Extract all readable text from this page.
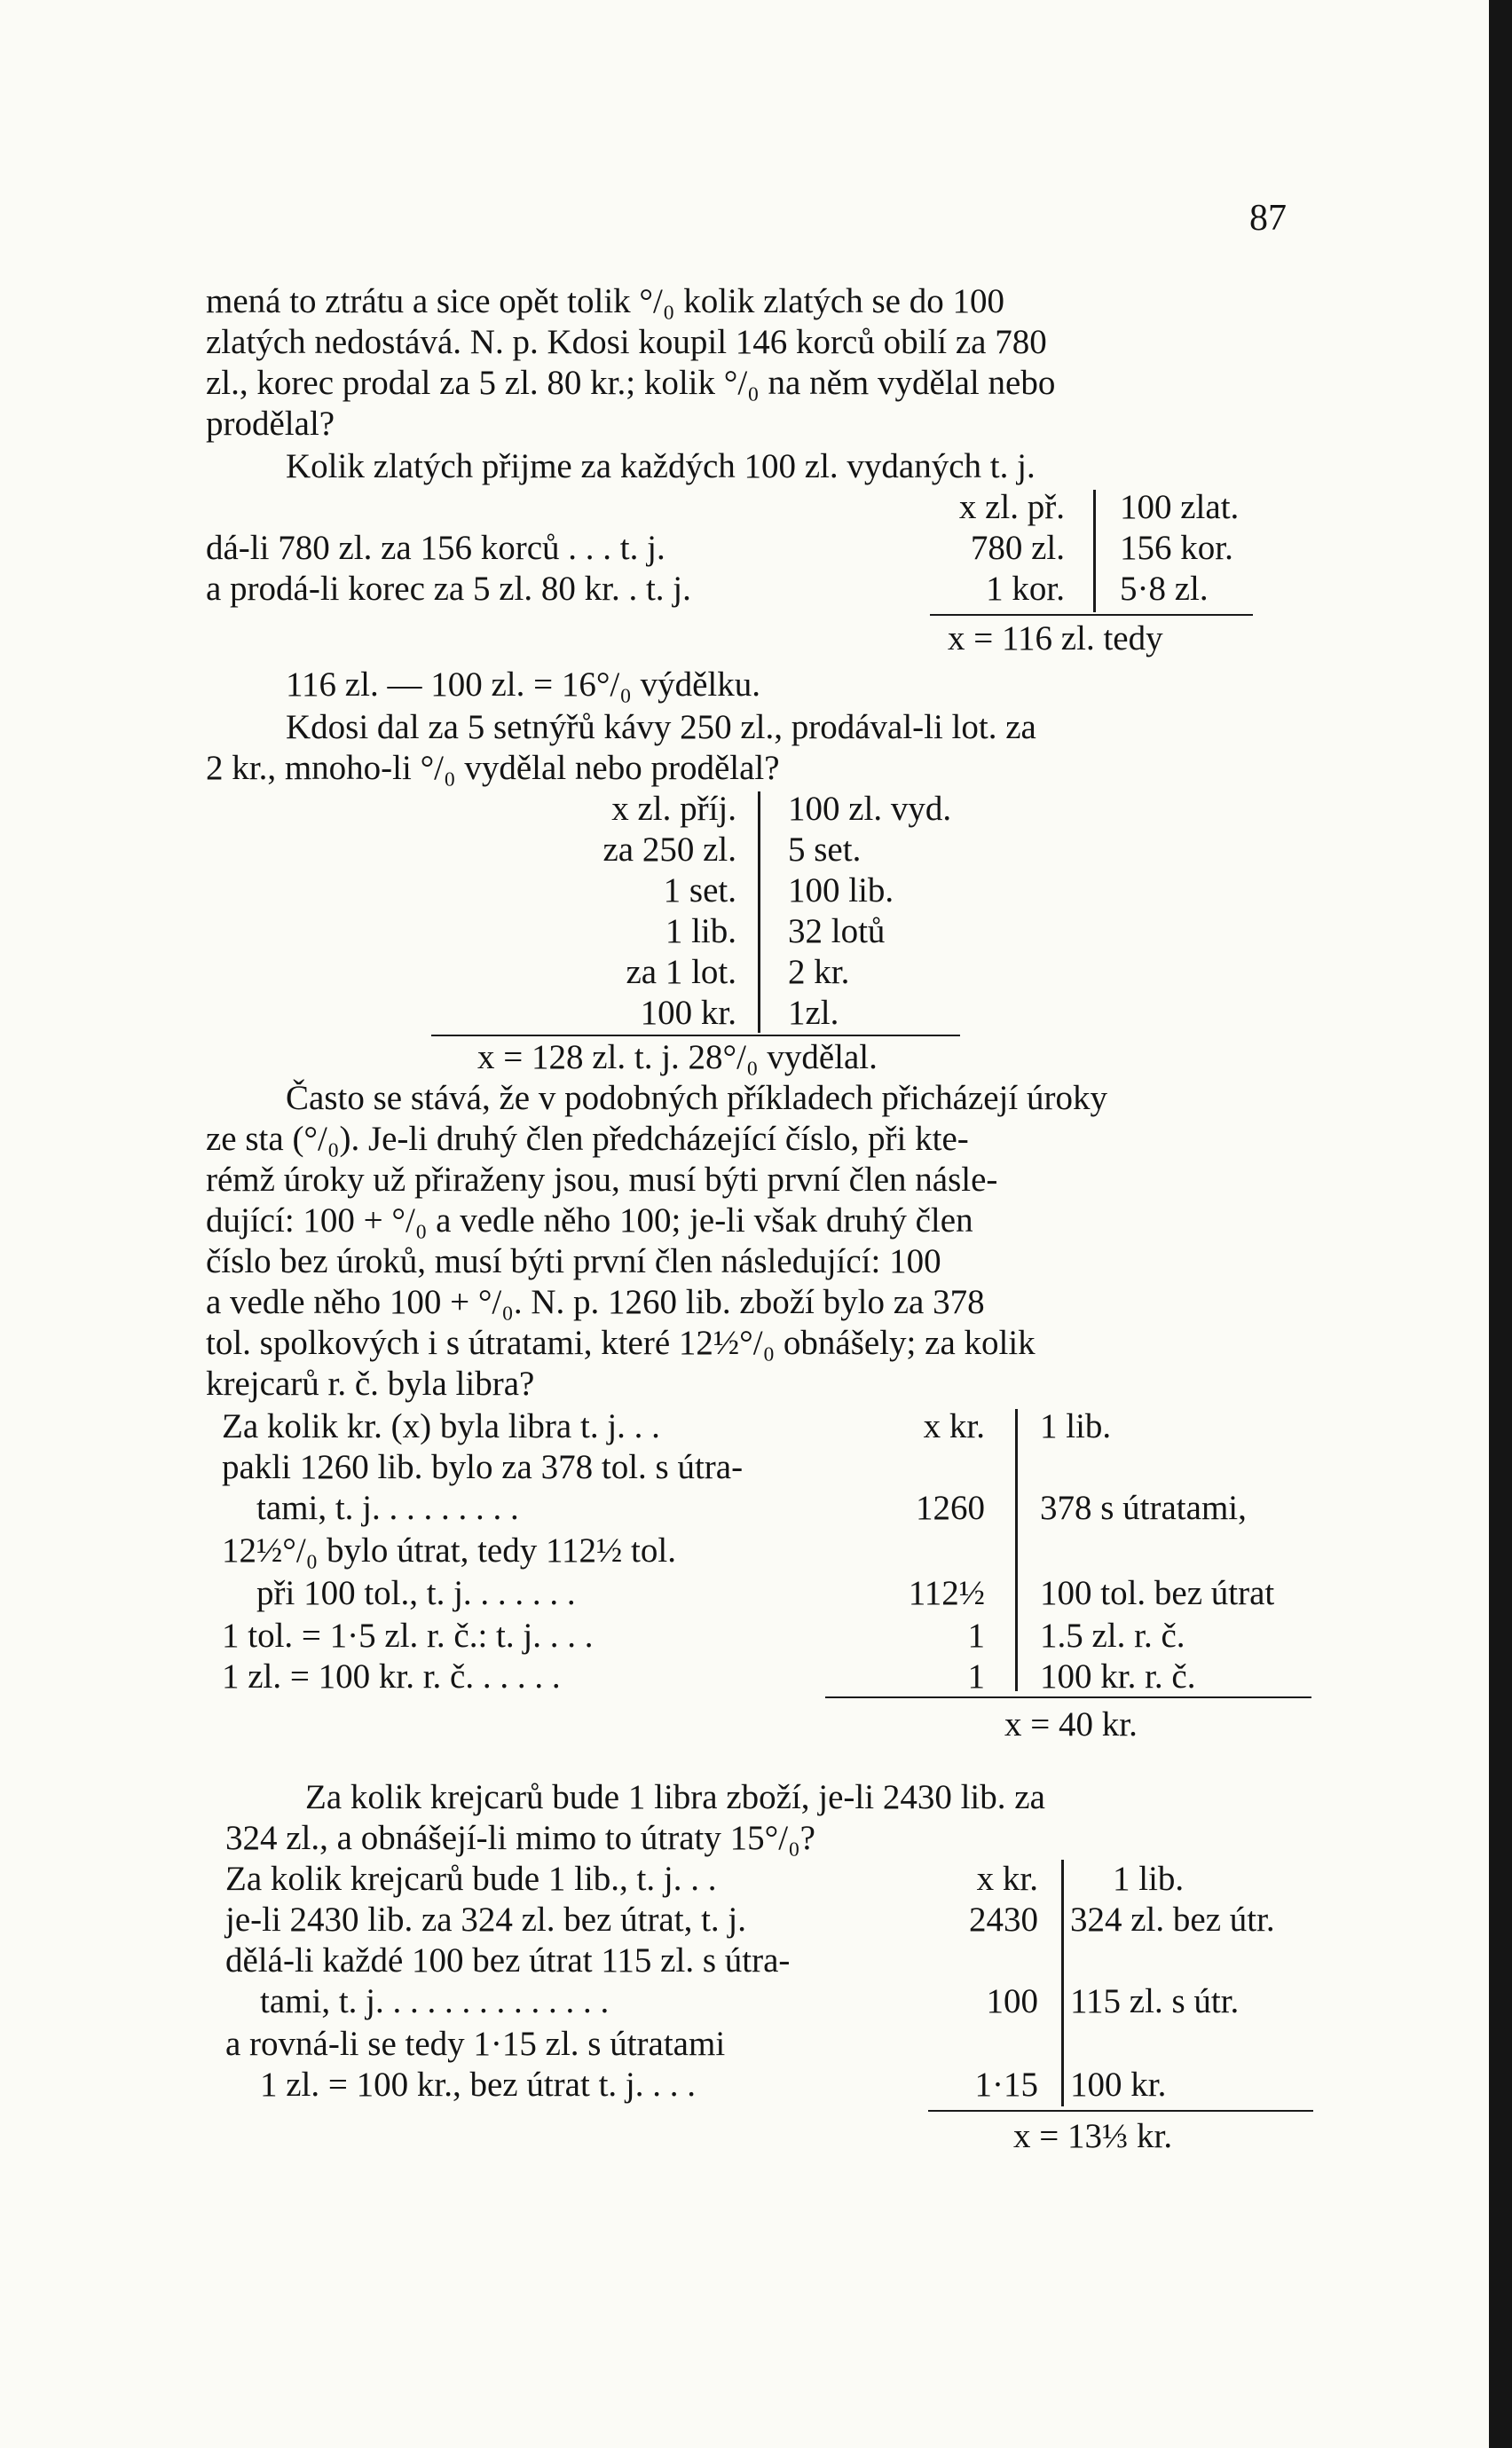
87
mená to ztrátu a sice opět tolik °/₀ kolik zlatých se do 100
zlatých nedostává. N. p. Kdosi koupil 146 korců obilí za 780
zl., korec prodal za 5 zl. 80 kr.; kolik °/₀ na něm vydělal nebo
prodělal?
Kolik zlatých přijme za každých 100 zl. vydaných t. j.
x zl. př. 100 zlat.
dá-li 780 zl. za 156 korců . . . t. j.	780 zl. 156 kor.
a prodá-li korec za 5 zl. 80 kr. . t. j.	1 kor. 5·8 zl.
x = 116 zl. tedy
116 zl. — 100 zl. = 16°/₀ výdělku.
Kdosi dal za 5 setnýřů kávy 250 zl., prodával-li lot. za
2 kr., mnoho-li °/₀ vydělal nebo prodělal?
x zl. příj.
za 250 zl.
1 set.
1 lib.
za 1 lot.
100 kr.
100 zl. vyd.
5 set.
100 lib.
32 lotů
2 kr.
1zl.
x = 128 zl. t. j. 28°/₀ vydělal.
Často se stává, že v podobných příkladech přicházejí úroky
ze sta (°/₀). Je-li druhý člen předcházející číslo, při kte-
rémž úroky už přiraženy jsou, musí býti první člen násle-
dující: 100 + °/₀ a vedle něho 100; je-li však druhý člen
číslo bez úroků, musí býti první člen následující: 100
a vedle něho 100 + °/₀. N. p. 1260 lib. zboží bylo za 378
tol. spolkových i s útratami, které 12½°/₀ obnášely; za kolik
krejcarů r. č. byla libra?
Za kolik kr. (x) byla libra t. j. . .
pakli 1260 lib. bylo za 378 tol. s útra-
tami, t. j. . . . . . . . .
12½°/₀ bylo útrat, tedy 112½ tol.
při 100 tol., t. j. . . . . . .
1 tol. = 1·5 zl. r. č.: t. j. . . .
1 zl. = 100 kr. r. č. . . . . .
x kr.
1260
112½
1
1
1 lib.
378 s útratami,
100 tol. bez útrat
1.5 zl. r. č.
100 kr. r. č.
x = 40 kr.
Za kolik krejcarů bude 1 libra zboží, je-li 2430 lib. za
324 zl., a obnášejí-li mimo to útraty 15°/₀?
Za kolik krejcarů bude 1 lib., t. j. . .
je-li 2430 lib. za 324 zl. bez útrat, t. j.
dělá-li každé 100 bez útrat 115 zl. s útra-
tami, t. j. . . . . . . . . . . . . .
a rovná-li se tedy 1·15 zl. s útratami
1 zl. = 100 kr., bez útrat t. j. . . .
x kr.
2430
100
1·15
1 lib.
324 zl. bez útr.
115 zl. s útr.
100 kr.
x = 13⅓ kr.
